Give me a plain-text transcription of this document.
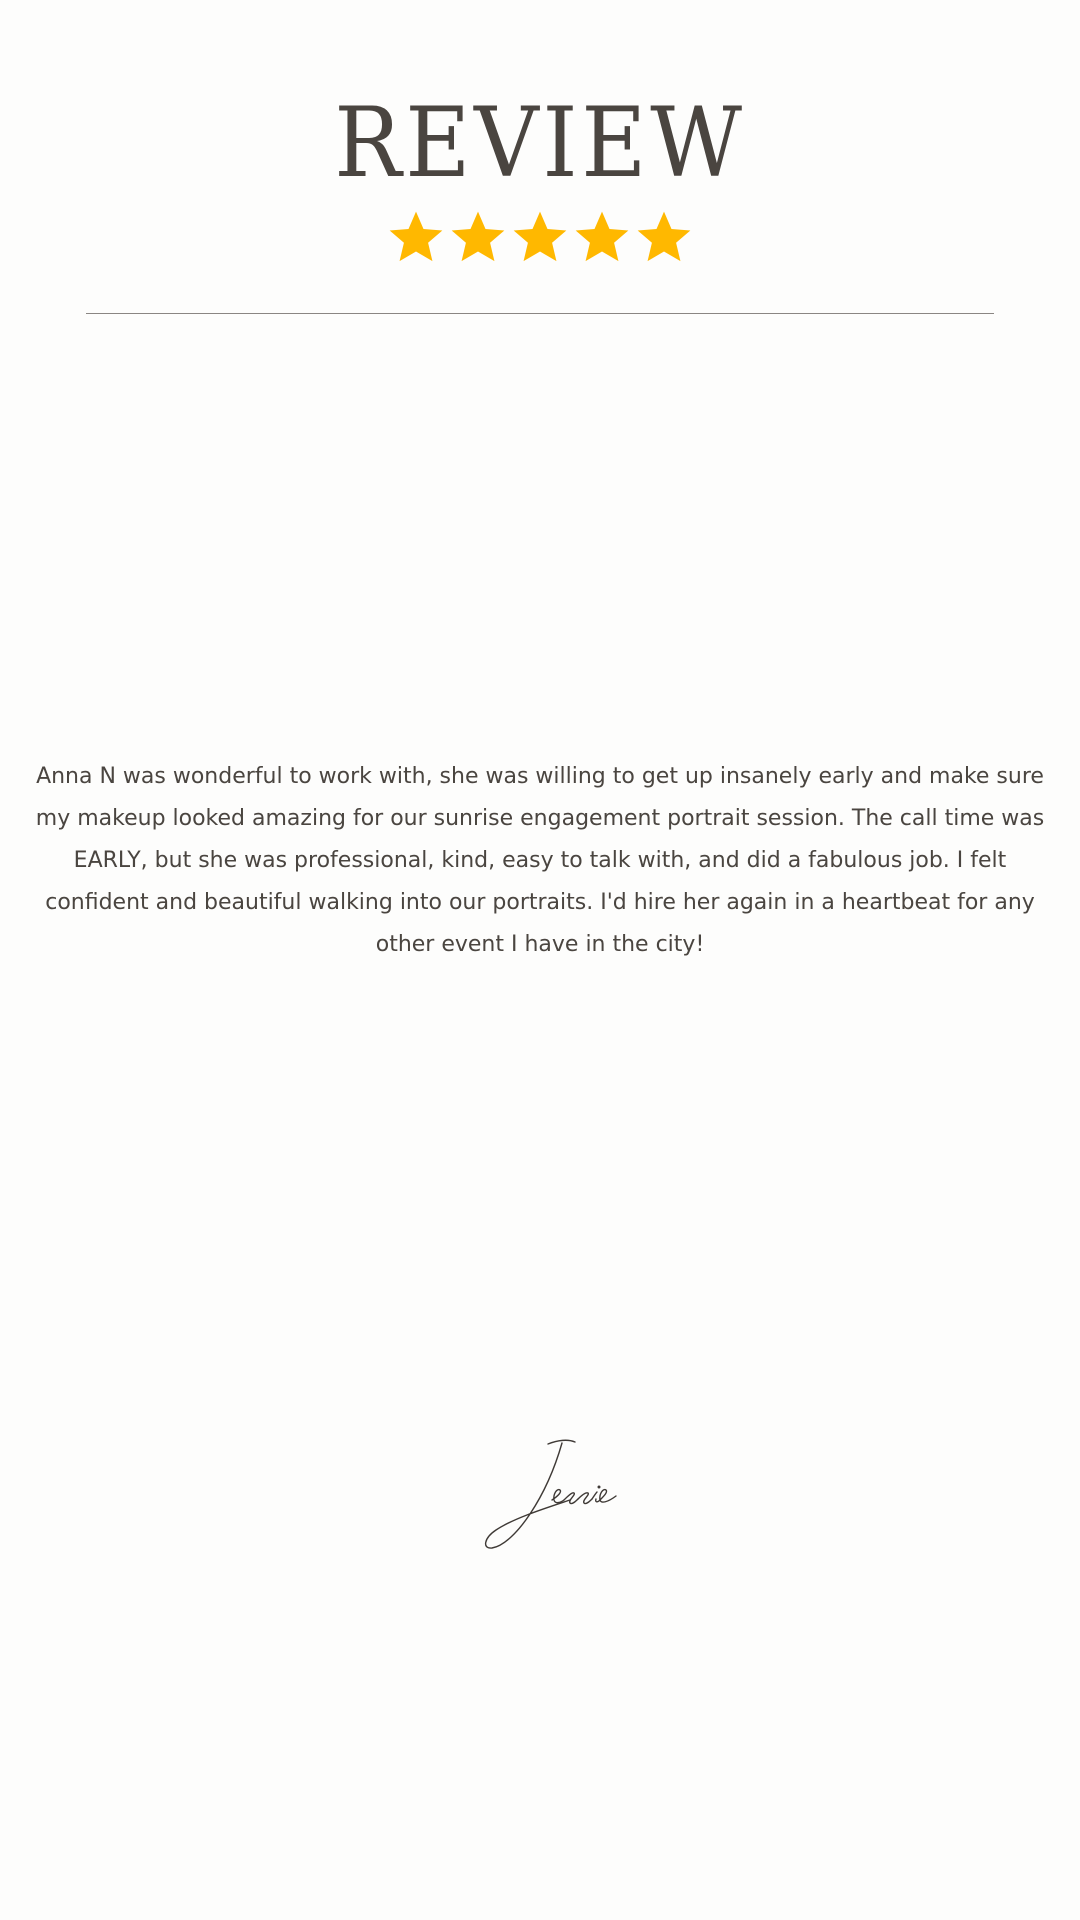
REVIEW
Anna N was wonderful to work with, she was willing to get up insanely early and make sure my makeup looked amazing for our sunrise engagement portrait session. The call time was EARLY, but she was professional, kind, easy to talk with, and did a fabulous job. I felt confident and beautiful walking into our portraits. I'd hire her again in a heartbeat for any other event I have in the city!
